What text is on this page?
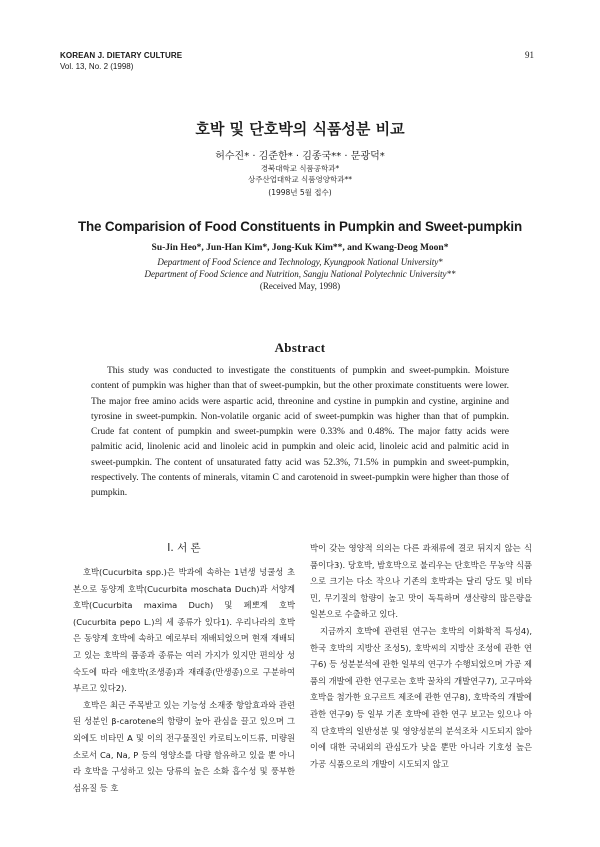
KOREAN J. DIETARY CULTURE
Vol. 13, No. 2 (1998)
91
호박 및 단호박의 식품성분 비교
허수진* · 김준한* · 김종국** · 문광덕*
경북대학교 식품공학과*
상주산업대학교 식품영양학과**
(1998년 5월 접수)
The Comparision of Food Constituents in Pumpkin and Sweet-pumpkin
Su-Jin Heo*, Jun-Han Kim*, Jong-Kuk Kim**, and Kwang-Deog Moon*
Department of Food Science and Technology, Kyungpook National University*
Department of Food Science and Nutrition, Sangju National Polytechnic University**
(Received May, 1998)
Abstract

This study was conducted to investigate the constituents of pumpkin and sweet-pumpkin. Moisture content of pumpkin was higher than that of sweet-pumpkin, but the other proximate constituents were lower. The major free amino acids were aspartic acid, threonine and cystine in pumpkin and cystine, arginine and tyrosine in sweet-pumpkin. Non-volatile organic acid of sweet-pumpkin was higher than that of pumpkin. Crude fat content of pumpkin and sweet-pumpkin were 0.33% and 0.48%. The major fatty acids were palmitic acid, linolenic acid and linoleic acid in pumpkin and oleic acid, linoleic acid and palmitic acid in sweet-pumpkin. The content of unsaturated fatty acid was 52.3%, 71.5% in pumpkin and sweet-pumpkin, respectively. The contents of minerals, vitamin C and carotenoid in sweet-pumpkin were higher than those of pumpkin.

I. 서 론

호박(Cucurbita spp.)은 박과에 속하는 1년생 넝쿨성 초본으로 동양계 호박(Cucurbita moschata Duch)과 서양계 호박(Cucurbita maxima Duch) 및 페뽀계 호박(Cucurbita pepo L.)의 세 종류가 있다1). 우리나라의 호박은 동양계 호박에 속하고 예로부터 재배되었으며 현재 재배되고 있는 호박의 품종과 종류는 여러 가지가 있지만 편의상 성숙도에 따라 애호박(조생종)과 재래종(만생종)으로 구분하여 부르고 있다2).

호박은 최근 주목받고 있는 기능성 소재중 항암효과와 관련된 성분인 β-carotene의 함량이 높아 관심을 끌고 있으며 그 외에도 비타민 A 및 이의 전구물질인 카로티노이드류, 미량원소로서 Ca, Na, P 등의 영양소를 다량 함유하고 있을 뿐 아니라 호박을 구성하고 있는 당류의 높은 소화 흡수성 및 풍부한 섬유질 등 호

박이 갖는 영양적 의의는 다른 과채류에 결코 뒤지지 않는 식품이다3). 당호박, 밤호박으로 불리우는 단호박은 무농약 식품으로 크기는 다소 작으나 기존의 호박과는 달리 당도 및 비타민, 무기질의 함량이 높고 맛이 독특하며 생산량의 많은량을 일본으로 수출하고 있다.

지금까지 호박에 관련된 연구는 호박의 이화학적 특성4), 한국 호박의 지방산 조성5), 호박씨의 지방산 조성에 관한 연구6) 등 성분분석에 관한 일부의 연구가 수행되었으며 가공 제품의 개발에 관한 연구로는 호박 꿀차의 개발연구7), 고구마와 호박을 첨가한 요구르트 제조에 관한 연구8), 호박죽의 개발에 관한 연구9) 등 일부 기존 호박에 관한 연구 보고는 있으나 아직 단호박의 일반성분 및 영양성분의 분석조차 시도되지 않아 이에 대한 국내외의 관심도가 낮을 뿐만 아니라 기호성 높은 가공 식품으로의 개발이 시도되지 않고
